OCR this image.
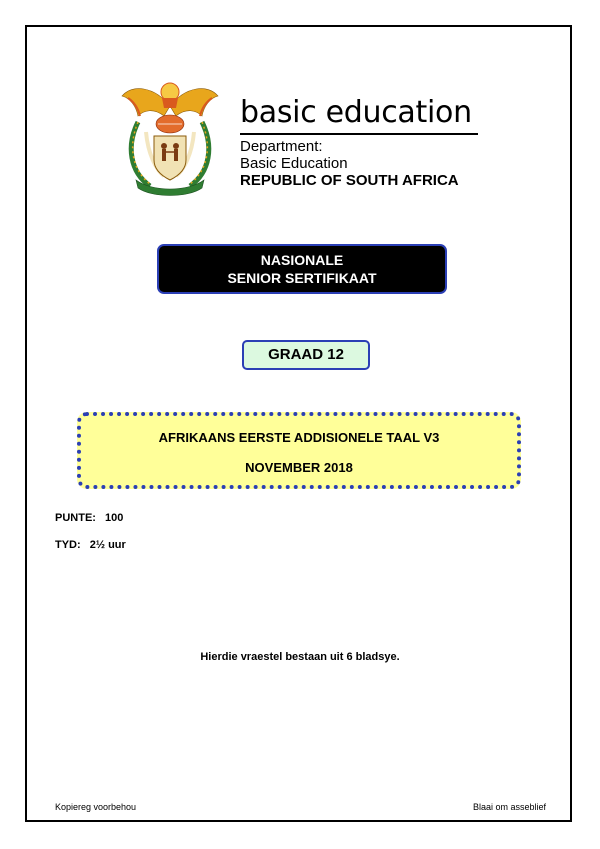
basic education
Department:
Basic Education
REPUBLIC OF SOUTH AFRICA
NASIONALE
SENIOR SERTIFIKAAT
GRAAD 12
AFRIKAANS EERSTE ADDISIONELE TAAL V3
NOVEMBER 2018
PUNTE: 100
TYD: 2½ uur
Hierdie vraestel bestaan uit 6 bladsye.
Kopiereg voorbehou	Blaai om asseblief
